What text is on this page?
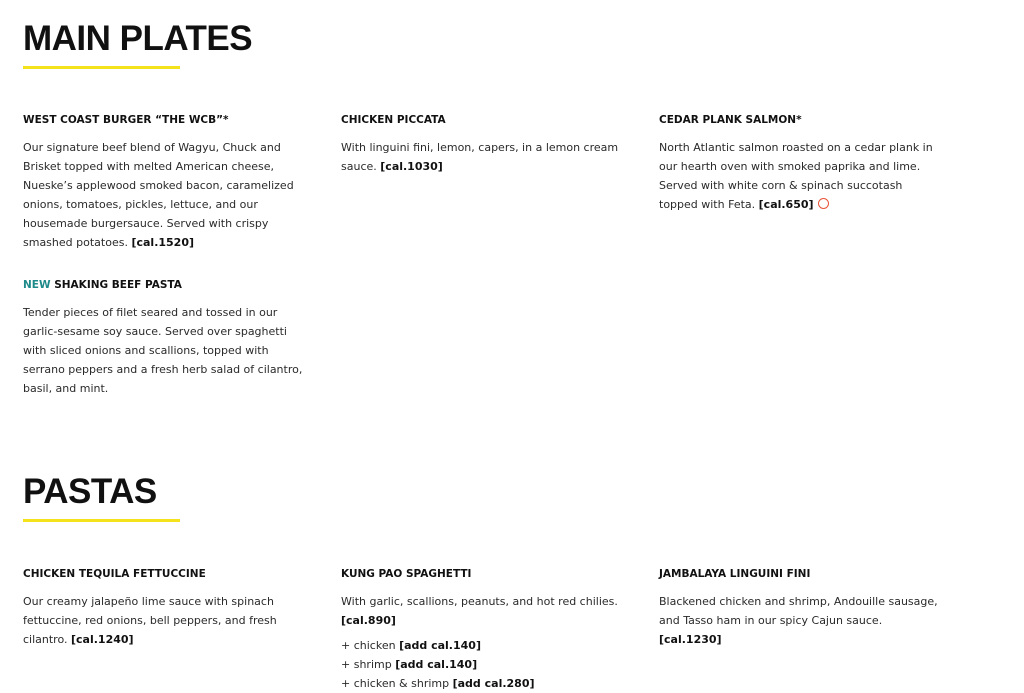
MAIN PLATES
WEST COAST BURGER “THE WCB”*
Our signature beef blend of Wagyu, Chuck and Brisket topped with melted American cheese, Nueske’s applewood smoked bacon, caramelized onions, tomatoes, pickles, lettuce, and our housemade burgersauce. Served with crispy smashed potatoes. [cal.1520]
CHICKEN PICCATA
With linguini fini, lemon, capers, in a lemon cream sauce. [cal.1030]
CEDAR PLANK SALMON*
North Atlantic salmon roasted on a cedar plank in our hearth oven with smoked paprika and lime. Served with white corn & spinach succotash topped with Feta. [cal.650]
NEW SHAKING BEEF PASTA
Tender pieces of filet seared and tossed in our garlic-sesame soy sauce. Served over spaghetti with sliced onions and scallions, topped with serrano peppers and a fresh herb salad of cilantro, basil, and mint.
PASTAS
CHICKEN TEQUILA FETTUCCINE
Our creamy jalapeño lime sauce with spinach fettuccine, red onions, bell peppers, and fresh cilantro. [cal.1240]
KUNG PAO SPAGHETTI
With garlic, scallions, peanuts, and hot red chilies. [cal.890]
+ chicken [add cal.140]
+ shrimp [add cal.140]
+ chicken & shrimp [add cal.280]
JAMBALAYA LINGUINI FINI
Blackened chicken and shrimp, Andouille sausage, and Tasso ham in our spicy Cajun sauce. [cal.1230]
